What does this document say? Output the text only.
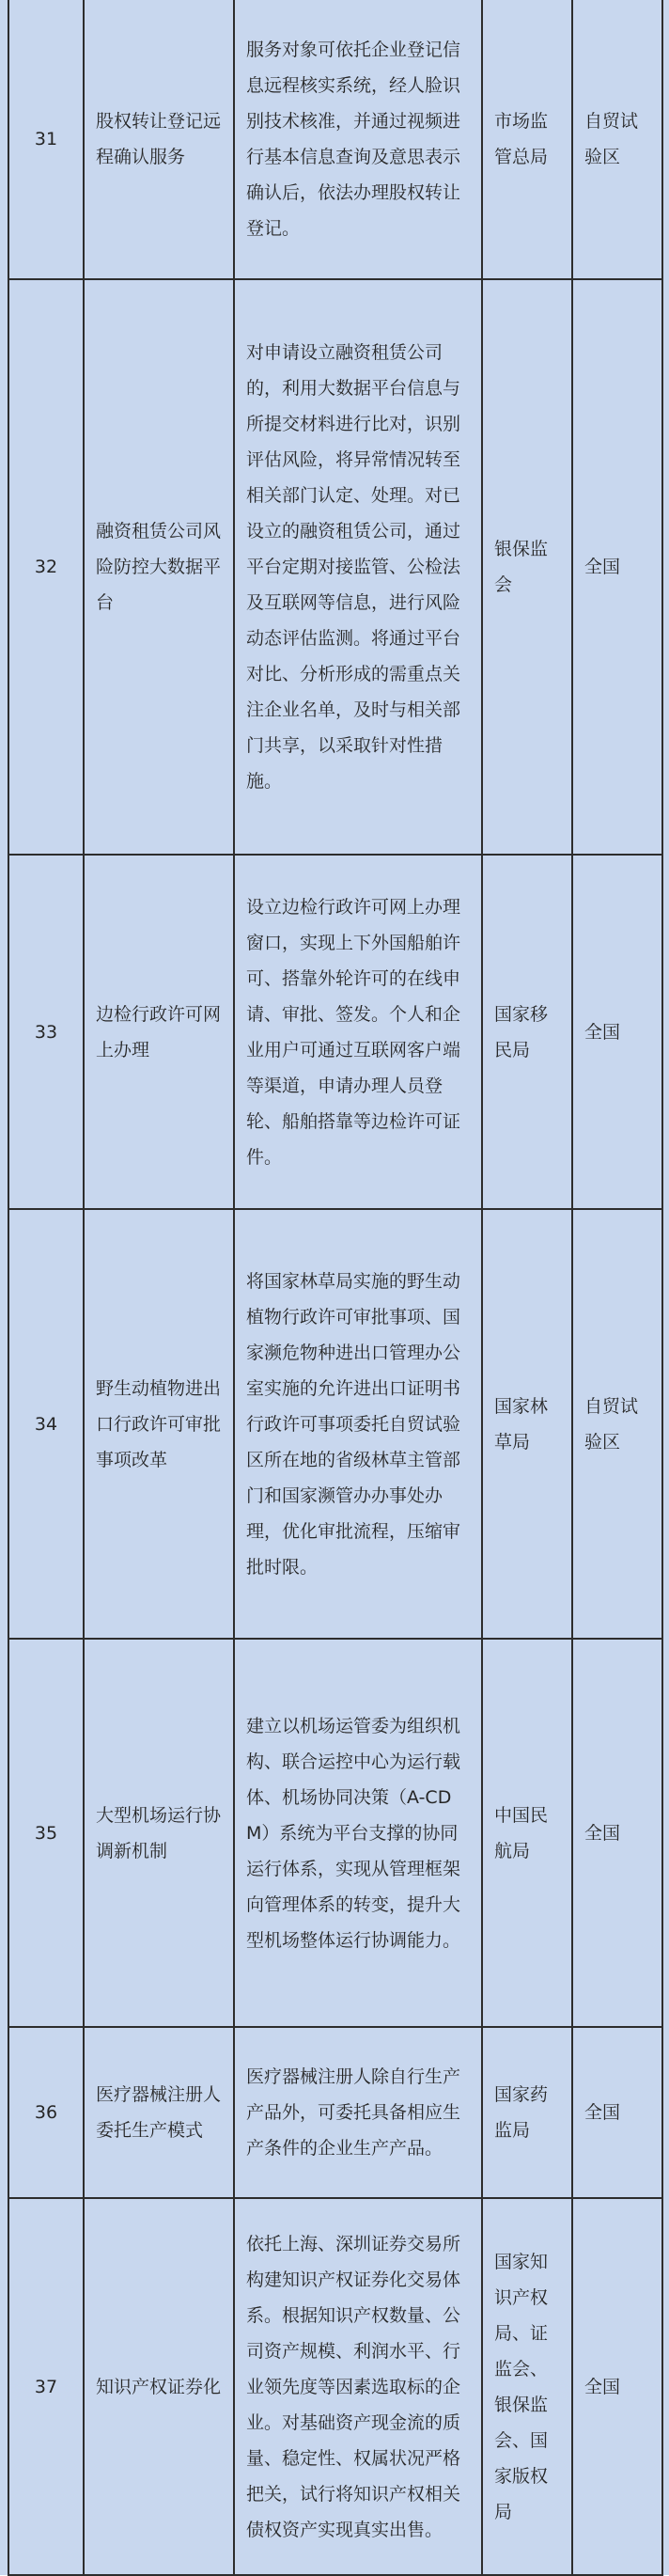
31	股权转让登记远程确认服务	服务对象可依托企业登记信息远程核实系统，经人脸识别技术核准，并通过视频进行基本信息查询及意思表示确认后，依法办理股权转让登记。	市场监管总局	自贸试验区
32	融资租赁公司风险防控大数据平台	对申请设立融资租赁公司的，利用大数据平台信息与所提交材料进行比对，识别评估风险，将异常情况转至相关部门认定、处理。对已设立的融资租赁公司，通过平台定期对接监管、公检法及互联网等信息，进行风险动态评估监测。将通过平台对比、分析形成的需重点关注企业名单，及时与相关部门共享，以采取针对性措施。	银保监会	全国
33	边检行政许可网上办理	设立边检行政许可网上办理窗口，实现上下外国船舶许可、搭靠外轮许可的在线申请、审批、签发。个人和企业用户可通过互联网客户端等渠道，申请办理人员登轮、船舶搭靠等边检许可证件。	国家移民局	全国
34	野生动植物进出口行政许可审批事项改革	将国家林草局实施的野生动植物行政许可审批事项、国家濒危物种进出口管理办公室实施的允许进出口证明书行政许可事项委托自贸试验区所在地的省级林草主管部门和国家濒管办办事处办理，优化审批流程，压缩审批时限。	国家林草局	自贸试验区
35	大型机场运行协调新机制	建立以机场运管委为组织机构、联合运控中心为运行载体、机场协同决策（A-CDM）系统为平台支撑的协同运行体系，实现从管理框架向管理体系的转变，提升大型机场整体运行协调能力。	中国民航局	全国
36	医疗器械注册人委托生产模式	医疗器械注册人除自行生产产品外，可委托具备相应生产条件的企业生产产品。	国家药监局	全国
37	知识产权证券化	依托上海、深圳证券交易所构建知识产权证券化交易体系。根据知识产权数量、公司资产规模、利润水平、行业领先度等因素选取标的企业。对基础资产现金流的质量、稳定性、权属状况严格把关，试行将知识产权相关债权资产实现真实出售。	国家知识产权局、证监会、银保监会、国家版权局	全国
